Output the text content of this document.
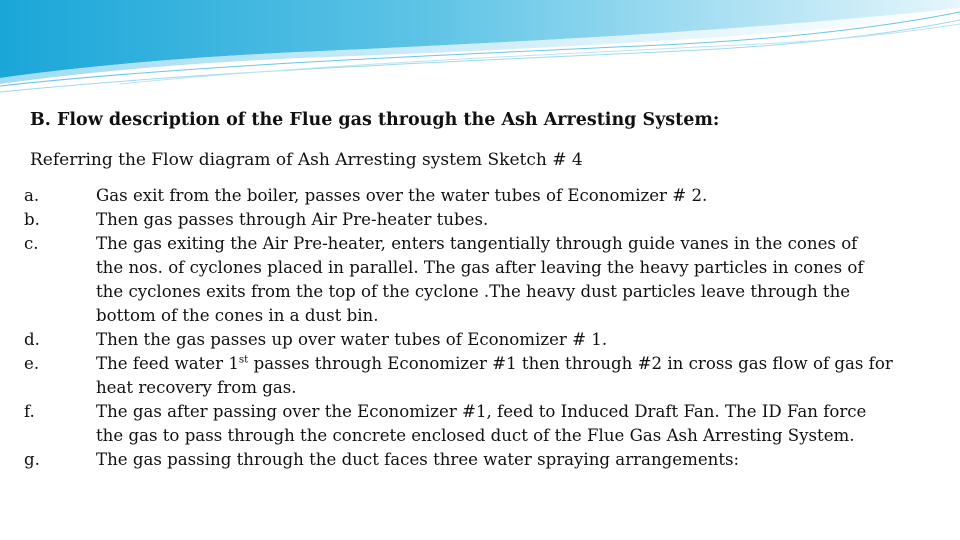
B. Flow description of the Flue gas through the Ash Arresting System:
Referring the Flow diagram of Ash Arresting system Sketch # 4
a.	Gas exit from the boiler, passes over the water tubes of Economizer # 2.

b.	Then gas passes through Air Pre-heater tubes.

c.	The gas exiting the Air Pre-heater, enters tangentially through guide vanes in the cones of

the nos. of cyclones placed in parallel. The gas after leaving the heavy particles in cones of

the cyclones exits from the top of the cyclone .The heavy dust particles leave through the

bottom of the cones in a dust bin.

d.	Then the gas passes up over water tubes of Economizer # 1.

e.	The feed water 1st passes through Economizer #1 then through #2 in cross gas flow of gas for

heat recovery from gas.

f.	The gas after passing over the Economizer #1, feed to Induced Draft Fan. The ID Fan force

the gas to pass through the concrete enclosed duct of the Flue Gas Ash Arresting System.

g.	The gas passing through the duct faces three water spraying arrangements:
